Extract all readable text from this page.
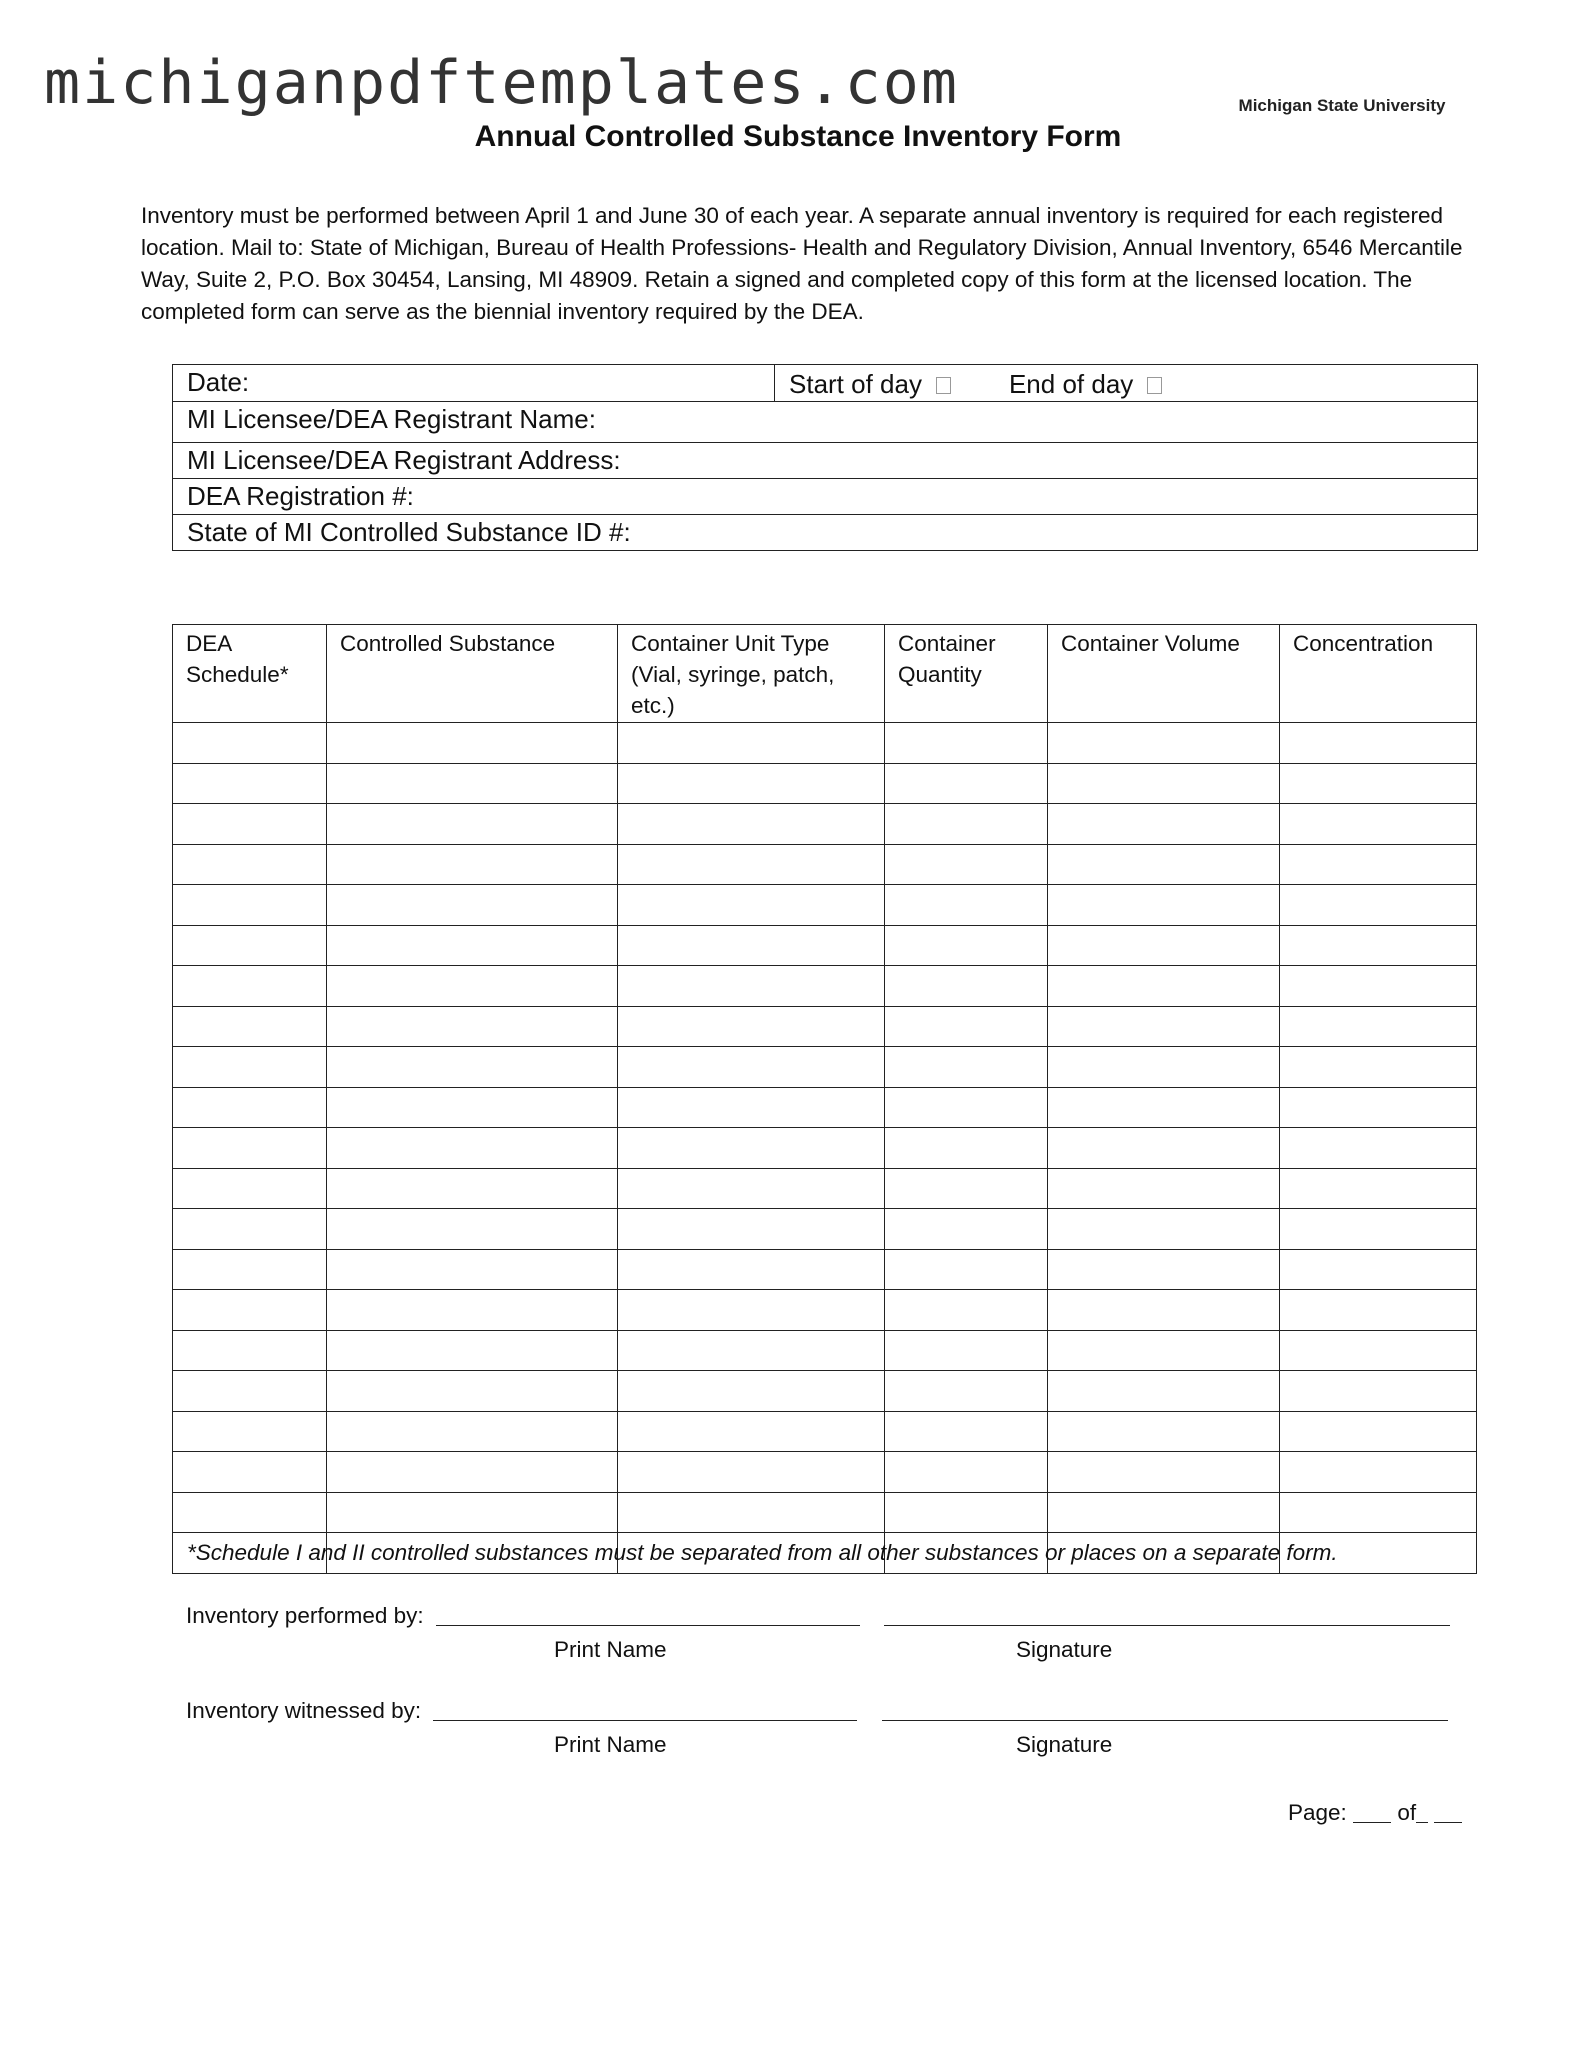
michiganpdftemplates.com	Michigan State University
Annual Controlled Substance Inventory Form
Inventory must be performed between April 1 and June 30 of each year. A separate annual inventory is required for each registered location. Mail to: State of Michigan, Bureau of Health Professions- Health and Regulatory Division, Annual Inventory, 6546 Mercantile Way, Suite 2, P.O. Box 30454, Lansing, MI 48909. Retain a signed and completed copy of this form at the licensed location. The completed form can serve as the biennial inventory required by the DEA.
Date:	Start of day	End of day
MI Licensee/DEA Registrant Name:
MI Licensee/DEA Registrant Address:
DEA Registration #:
State of MI Controlled Substance ID #:
DEA Schedule*	Controlled Substance	Container Unit Type (Vial, syringe, patch, etc.)	Container Quantity	Container Volume	Concentration

*Schedule I and II controlled substances must be separated from all other substances or places on a separate form.
Inventory performed by:
Print Name	Signature
Inventory witnessed by:
Print Name	Signature
Page: of
